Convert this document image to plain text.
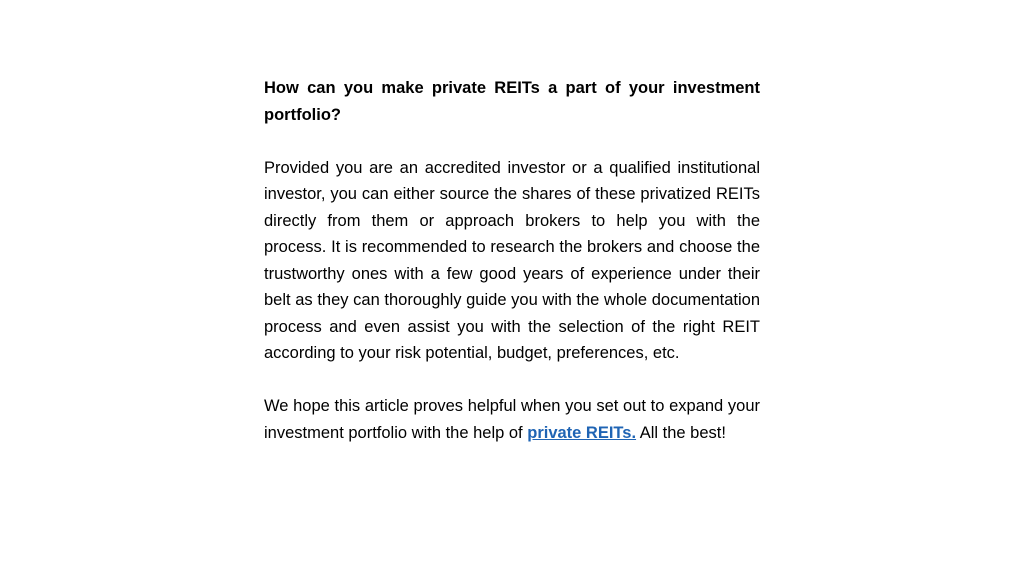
How can you make private REITs a part of your investment portfolio?

Provided you are an accredited investor or a qualified institutional investor, you can either source the shares of these privatized REITs directly from them or approach brokers to help you with the process. It is recommended to research the brokers and choose the trustworthy ones with a few good years of experience under their belt as they can thoroughly guide you with the whole documentation process and even assist you with the selection of the right REIT according to your risk potential, budget, preferences, etc.

We hope this article proves helpful when you set out to expand your investment portfolio with the help of private REITs. All the best!
